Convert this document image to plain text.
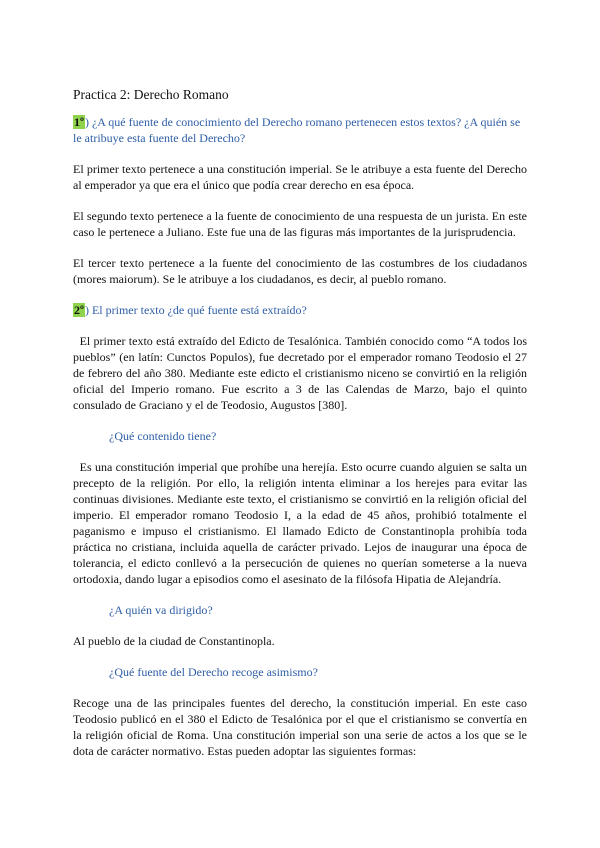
Practica 2: Derecho Romano

1º) ¿A qué fuente de conocimiento del Derecho romano pertenecen estos textos? ¿A quién se le atribuye esta fuente del Derecho?

El primer texto pertenece a una constitución imperial. Se le atribuye a esta fuente del Derecho al emperador ya que era el único que podía crear derecho en esa época.

El segundo texto pertenece a la fuente de conocimiento de una respuesta de un jurista. En este caso le pertenece a Juliano. Este fue una de las figuras más importantes de la jurisprudencia.

El tercer texto pertenece a la fuente del conocimiento de las costumbres de los ciudadanos (mores maiorum). Se le atribuye a los ciudadanos, es decir, al pueblo romano.

2º) El primer texto ¿de qué fuente está extraído?

El primer texto está extraído del Edicto de Tesalónica. También conocido como “A todos los pueblos” (en latín: Cunctos Populos), fue decretado por el emperador romano Teodosio el 27 de febrero del año 380. Mediante este edicto el cristianismo niceno se convirtió en la religión oficial del Imperio romano. Fue escrito a 3 de las Calendas de Marzo, bajo el quinto consulado de Graciano y el de Teodosio, Augustos [380].

¿Qué contenido tiene?

Es una constitución imperial que prohíbe una herejía. Esto ocurre cuando alguien se salta un precepto de la religión. Por ello, la religión intenta eliminar a los herejes para evitar las continuas divisiones. Mediante este texto, el cristianismo se convirtió en la religión oficial del imperio. El emperador romano Teodosio I, a la edad de 45 años, prohibió totalmente el paganismo e impuso el cristianismo. El llamado Edicto de Constantinopla prohibía toda práctica no cristiana, incluida aquella de carácter privado. Lejos de inaugurar una época de tolerancia, el edicto conllevó a la persecución de quienes no querían someterse a la nueva ortodoxia, dando lugar a episodios como el asesinato de la filósofa Hipatia de Alejandría.

¿A quién va dirigido?

Al pueblo de la ciudad de Constantinopla.

¿Qué fuente del Derecho recoge asimismo?

Recoge una de las principales fuentes del derecho, la constitución imperial. En este caso Teodosio publicó en el 380 el Edicto de Tesalónica por el que el cristianismo se convertía en la religión oficial de Roma. Una constitución imperial son una serie de actos a los que se le dota de carácter normativo. Estas pueden adoptar las siguientes formas:
